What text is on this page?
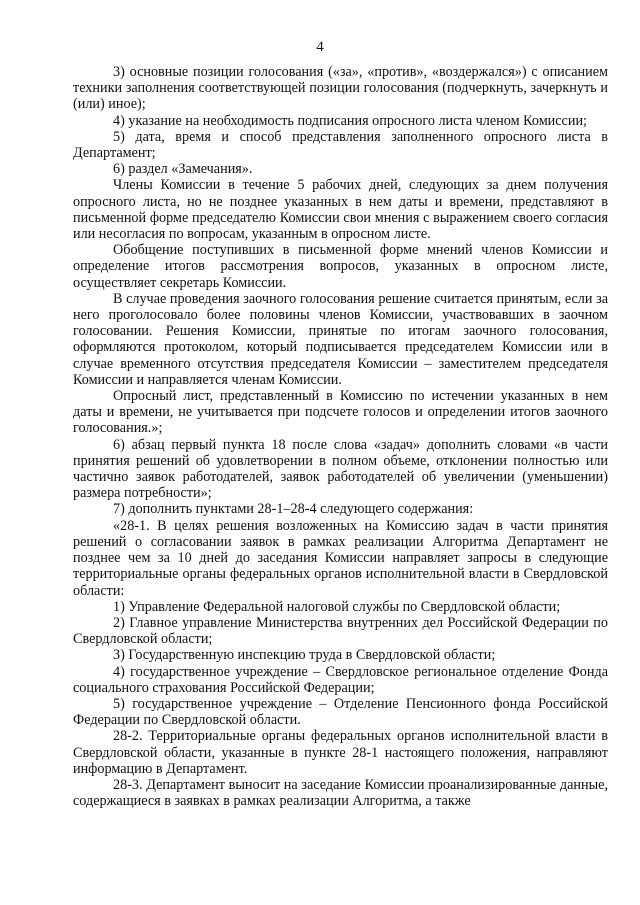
4

3) основные позиции голосования («за», «против», «воздержался») с описанием техники заполнения соответствующей позиции голосования (подчеркнуть, зачеркнуть и (или) иное);

4) указание на необходимость подписания опросного листа членом Комиссии;

5) дата, время и способ представления заполненного опросного листа в Департамент;

6) раздел «Замечания».

Члены Комиссии в течение 5 рабочих дней, следующих за днем получения опросного листа, но не позднее указанных в нем даты и времени, представляют в письменной форме председателю Комиссии свои мнения с выражением своего согласия или несогласия по вопросам, указанным в опросном листе.

Обобщение поступивших в письменной форме мнений членов Комиссии и определение итогов рассмотрения вопросов, указанных в опросном листе, осуществляет секретарь Комиссии.

В случае проведения заочного голосования решение считается принятым, если за него проголосовало более половины членов Комиссии, участвовавших в заочном голосовании. Решения Комиссии, принятые по итогам заочного голосования, оформляются протоколом, который подписывается председателем Комиссии или в случае временного отсутствия председателя Комиссии – заместителем председателя Комиссии и направляется членам Комиссии.

Опросный лист, представленный в Комиссию по истечении указанных в нем даты и времени, не учитывается при подсчете голосов и определении итогов заочного голосования.»;

6) абзац первый пункта 18 после слова «задач» дополнить словами «в части принятия решений об удовлетворении в полном объеме, отклонении полностью или частично заявок работодателей, заявок работодателей об увеличении (уменьшении) размера потребности»;

7) дополнить пунктами 28-1–28-4 следующего содержания:

«28-1. В целях решения возложенных на Комиссию задач в части принятия решений о согласовании заявок в рамках реализации Алгоритма Департамент не позднее чем за 10 дней до заседания Комиссии направляет запросы в следующие территориальные органы федеральных органов исполнительной власти в Свердловской области:

1) Управление Федеральной налоговой службы по Свердловской области;

2) Главное управление Министерства внутренних дел Российской Федерации по Свердловской области;

3) Государственную инспекцию труда в Свердловской области;

4) государственное учреждение – Свердловское региональное отделение Фонда социального страхования Российской Федерации;

5) государственное учреждение – Отделение Пенсионного фонда Российской Федерации по Свердловской области.

28-2. Территориальные органы федеральных органов исполнительной власти в Свердловской области, указанные в пункте 28-1 настоящего положения, направляют информацию в Департамент.

28-3. Департамент выносит на заседание Комиссии проанализированные данные, содержащиеся в заявках в рамках реализации Алгоритма, а также
